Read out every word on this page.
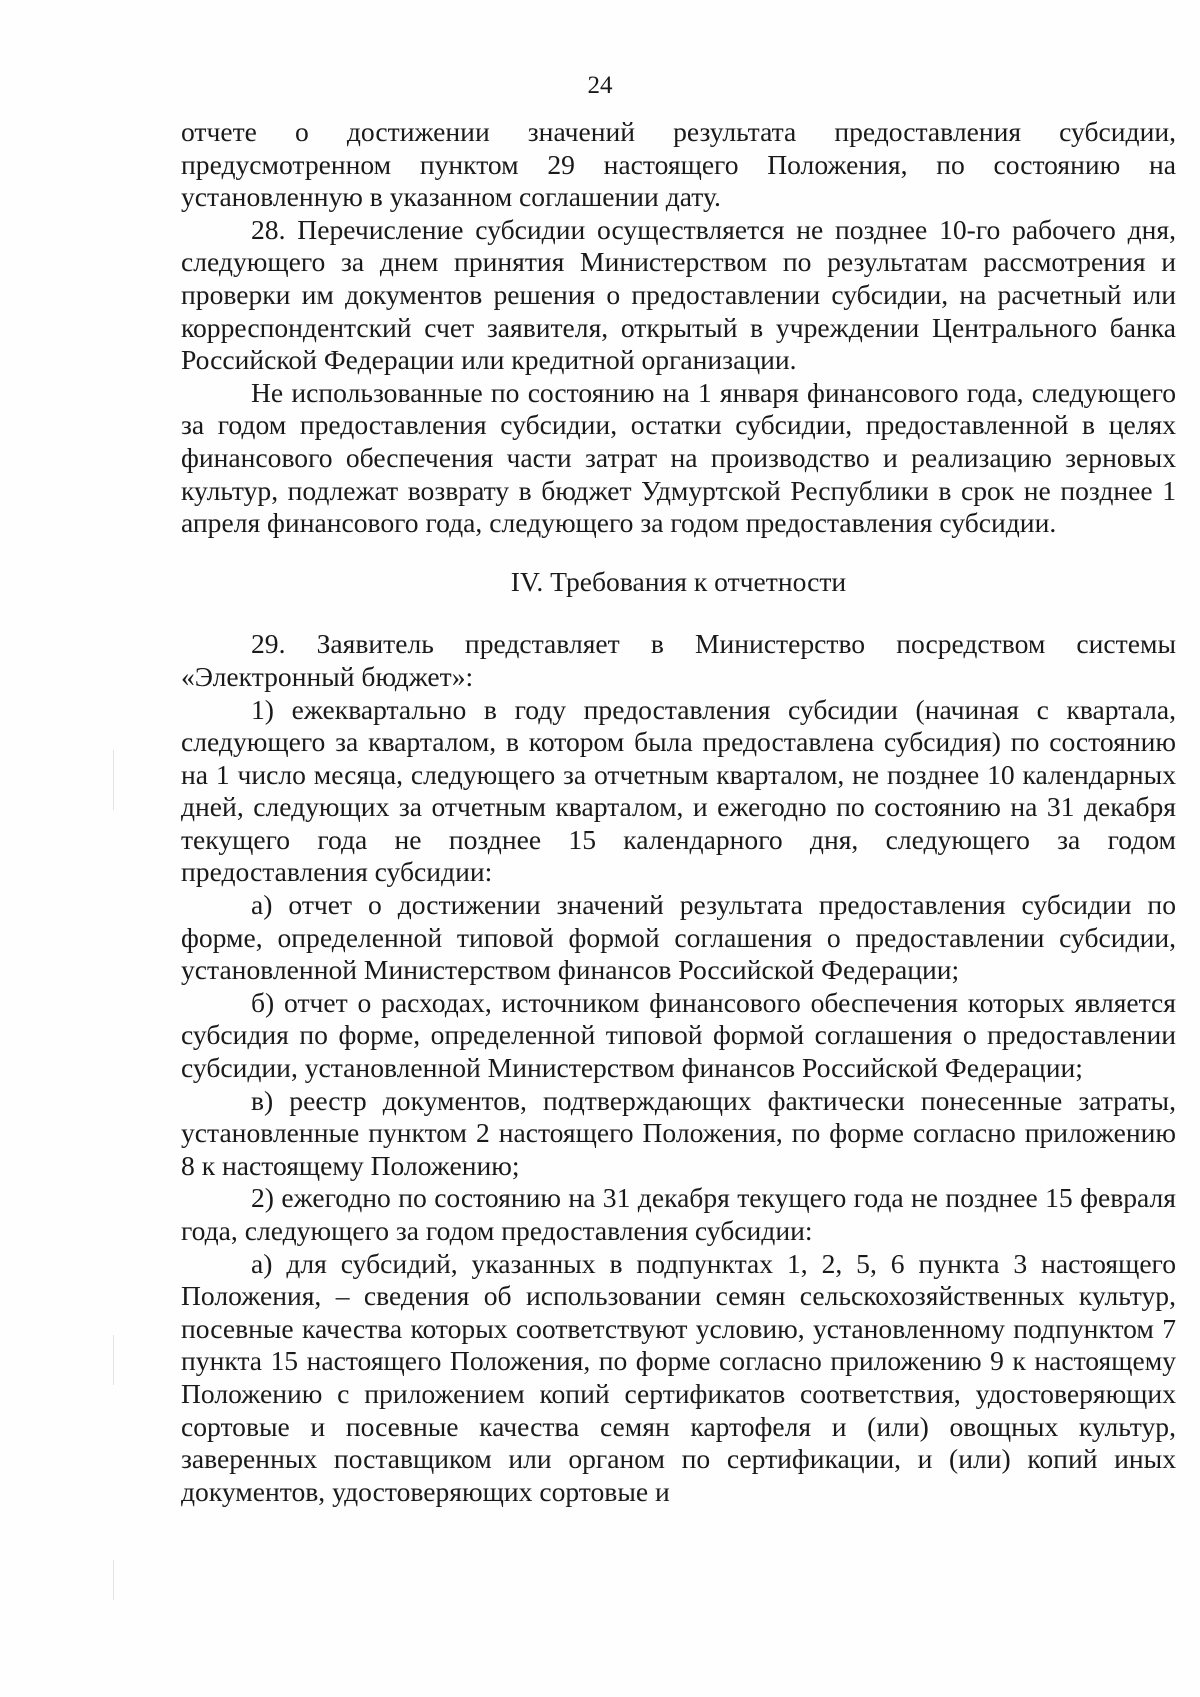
24

отчете о достижении значений результата предоставления субсидии, предусмотренном пунктом 29 настоящего Положения, по состоянию на установленную в указанном соглашении дату.

28. Перечисление субсидии осуществляется не позднее 10-го рабочего дня, следующего за днем принятия Министерством по результатам рассмотрения и проверки им документов решения о предоставлении субсидии, на расчетный или корреспондентский счет заявителя, открытый в учреждении Центрального банка Российской Федерации или кредитной организации.

Не использованные по состоянию на 1 января финансового года, следующего за годом предоставления субсидии, остатки субсидии, предоставленной в целях финансового обеспечения части затрат на производство и реализацию зерновых культур, подлежат возврату в бюджет Удмуртской Республики в срок не позднее 1 апреля финансового года, следующего за годом предоставления субсидии.

IV. Требования к отчетности

29. Заявитель представляет в Министерство посредством системы «Электронный бюджет»:

1) ежеквартально в году предоставления субсидии (начиная с квартала, следующего за кварталом, в котором была предоставлена субсидия) по состоянию на 1 число месяца, следующего за отчетным кварталом, не позднее 10 календарных дней, следующих за отчетным кварталом, и ежегодно по состоянию на 31 декабря текущего года не позднее 15 календарного дня, следующего за годом предоставления субсидии:

а) отчет о достижении значений результата предоставления субсидии по форме, определенной типовой формой соглашения о предоставлении субсидии, установленной Министерством финансов Российской Федерации;

б) отчет о расходах, источником финансового обеспечения которых является субсидия по форме, определенной типовой формой соглашения о предоставлении субсидии, установленной Министерством финансов Российской Федерации;

в) реестр документов, подтверждающих фактически понесенные затраты, установленные пунктом 2 настоящего Положения, по форме согласно приложению 8 к настоящему Положению;

2) ежегодно по состоянию на 31 декабря текущего года не позднее 15 февраля года, следующего за годом предоставления субсидии:

а) для субсидий, указанных в подпунктах 1, 2, 5, 6 пункта 3 настоящего Положения, – сведения об использовании семян сельскохозяйственных культур, посевные качества которых соответствуют условию, установленному подпунктом 7 пункта 15 настоящего Положения, по форме согласно приложению 9 к настоящему Положению с приложением копий сертификатов соответствия, удостоверяющих сортовые и посевные качества семян картофеля и (или) овощных культур, заверенных поставщиком или органом по сертификации, и (или) копий иных документов, удостоверяющих сортовые и
